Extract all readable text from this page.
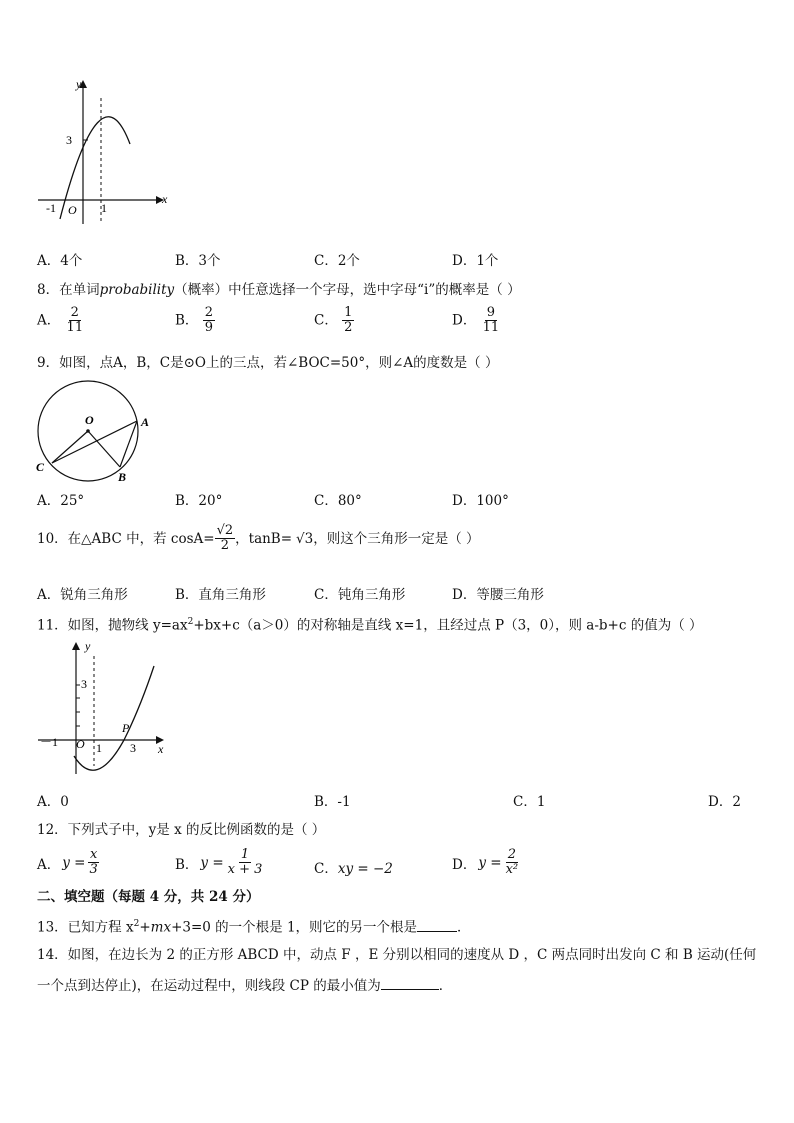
y
x
3
-1 O 1
A．4个	B．3个	C．2个	D．1个
8．在单词probability（概率）中任意选择一个字母，选中字母“i”的概率是（ ）
A． $\frac{2}{11}$	B． $\frac{2}{9}$	C． $\frac{1}{2}$	D． $\frac{9}{11}$
9．如图，点A，B，C是⊙O上的三点，若∠BOC=50°，则∠A的度数是（ ）
O	A
B
C
A．25°	B．20°	C．80°	D．100°
10．在△ABC 中，若 $\cos A= \frac{√2}{2}$ ，tanB= √3 ，则这个三角形一定是（ ）
A．锐角三角形	B．直角三角形	C．钝角三角形	D．等腰三角形
11．如图，抛物线 $y=ax^2+bx+c(a>0)$的对称轴是直线 x=1，且经过点 P（3，0），则 a-b+c 的值为（ ）
y
x
3
－1 O 1 3
P
A．0	B．-1	C．1	D．2
12．下列式子中，y是 x 的反比例函数的是（ ）
A． $y = \frac{x}{3}$	B． $y = \frac{1}{x + 3}$	C．xy = −2	D． $y = \frac{2}{\text{x²}}$
二、填空题（每题 4 分，共 24 分）
13．已知方程 $x^2+mx+3=0$ 的一个根是 1，则它的另一个根是	．
14．如图，在边长为 2 的正方形 ABCD 中，动点 F ，E 分别以相同的速度从 D ，C 两点同时出发向 C 和 B 运动(任何
一个点到达停止)，在运动过程中，则线段 CP 的最小值为	．
